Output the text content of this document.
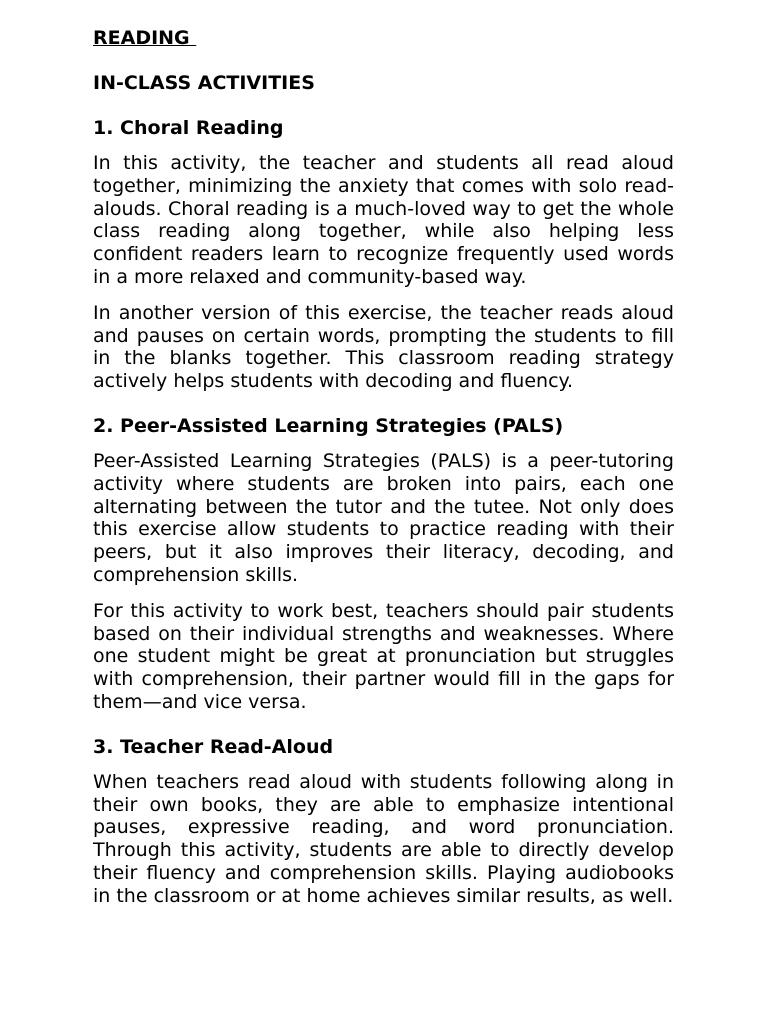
READING
IN-CLASS ACTIVITIES
1. Choral Reading

In this activity, the teacher and students all read aloud together, minimizing the anxiety that comes with solo read-alouds. Choral reading is a much-loved way to get the whole class reading along together, while also helping less confident readers learn to recognize frequently used words in a more relaxed and community-based way.

In another version of this exercise, the teacher reads aloud and pauses on certain words, prompting the students to fill in the blanks together. This classroom reading strategy actively helps students with decoding and fluency.

2. Peer-Assisted Learning Strategies (PALS)

Peer-Assisted Learning Strategies (PALS) is a peer-tutoring activity where students are broken into pairs, each one alternating between the tutor and the tutee. Not only does this exercise allow students to practice reading with their peers, but it also improves their literacy, decoding, and comprehension skills.

For this activity to work best, teachers should pair students based on their individual strengths and weaknesses. Where one student might be great at pronunciation but struggles with comprehension, their partner would fill in the gaps for them—and vice versa.

3. Teacher Read-Aloud

When teachers read aloud with students following along in their own books, they are able to emphasize intentional pauses, expressive reading, and word pronunciation. Through this activity, students are able to directly develop their fluency and comprehension skills. Playing audiobooks in the classroom or at home achieves similar results, as well.
